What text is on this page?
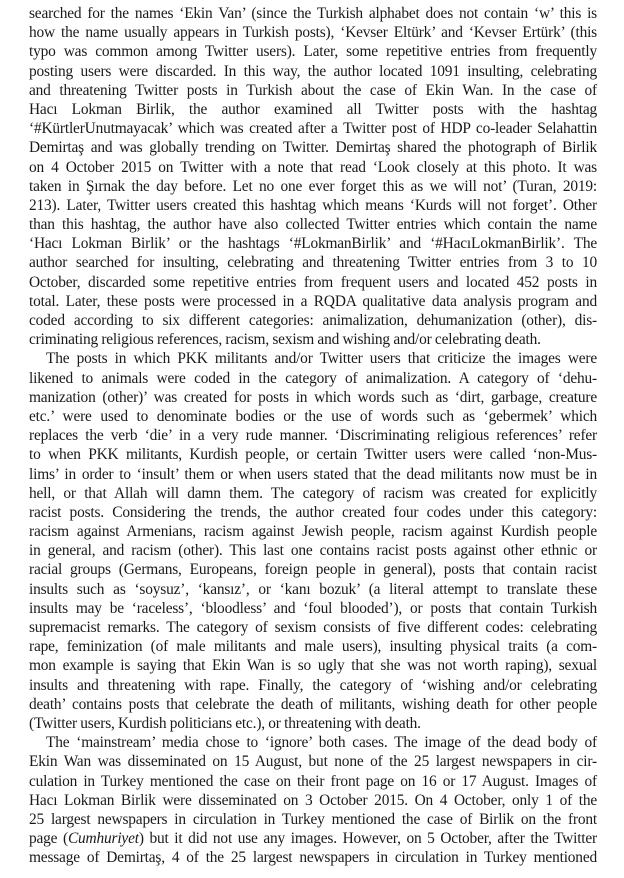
searched for the names ‘Ekin Van’ (since the Turkish alphabet does not contain ‘w’ this is
how the name usually appears in Turkish posts), ‘Kevser Eltürk’ and ‘Kevser Ertürk’ (this
typo was common among Twitter users). Later, some repetitive entries from frequently
posting users were discarded. In this way, the author located 1091 insulting, celebrating
and threatening Twitter posts in Turkish about the case of Ekin Wan. In the case of
Hacı Lokman Birlik, the author examined all Twitter posts with the hashtag
‘#KürtlerUnutmayacak’ which was created after a Twitter post of HDP co-leader Selahattin
Demirtaş and was globally trending on Twitter. Demirtaş shared the photograph of Birlik
on 4 October 2015 on Twitter with a note that read ‘Look closely at this photo. It was
taken in Şırnak the day before. Let no one ever forget this as we will not’ (Turan, 2019:
213). Later, Twitter users created this hashtag which means ‘Kurds will not forget’. Other
than this hashtag, the author have also collected Twitter entries which contain the name
‘Hacı Lokman Birlik’ or the hashtags ‘#LokmanBirlik’ and ‘#HacıLokmanBirlik’. The
author searched for insulting, celebrating and threatening Twitter entries from 3 to 10
October, discarded some repetitive entries from frequent users and located 452 posts in
total. Later, these posts were processed in a RQDA qualitative data analysis program and
coded according to six different categories: animalization, dehumanization (other), dis-
criminating religious references, racism, sexism and wishing and/or celebrating death.
The posts in which PKK militants and/or Twitter users that criticize the images were
likened to animals were coded in the category of animalization. A category of ‘dehu-
manization (other)’ was created for posts in which words such as ‘dirt, garbage, creature
etc.’ were used to denominate bodies or the use of words such as ‘gebermek’ which
replaces the verb ‘die’ in a very rude manner. ‘Discriminating religious references’ refer
to when PKK militants, Kurdish people, or certain Twitter users were called ‘non-Mus-
lims’ in order to ‘insult’ them or when users stated that the dead militants now must be in
hell, or that Allah will damn them. The category of racism was created for explicitly
racist posts. Considering the trends, the author created four codes under this category:
racism against Armenians, racism against Jewish people, racism against Kurdish people
in general, and racism (other). This last one contains racist posts against other ethnic or
racial groups (Germans, Europeans, foreign people in general), posts that contain racist
insults such as ‘soysuz’, ‘kansız’, or ‘kanı bozuk’ (a literal attempt to translate these
insults may be ‘raceless’, ‘bloodless’ and ‘foul blooded’), or posts that contain Turkish
supremacist remarks. The category of sexism consists of five different codes: celebrating
rape, feminization (of male militants and male users), insulting physical traits (a com-
mon example is saying that Ekin Wan is so ugly that she was not worth raping), sexual
insults and threatening with rape. Finally, the category of ‘wishing and/or celebrating
death’ contains posts that celebrate the death of militants, wishing death for other people
(Twitter users, Kurdish politicians etc.), or threatening with death.
The ‘mainstream’ media chose to ‘ignore’ both cases. The image of the dead body of
Ekin Wan was disseminated on 15 August, but none of the 25 largest newspapers in cir-
culation in Turkey mentioned the case on their front page on 16 or 17 August. Images of
Hacı Lokman Birlik were disseminated on 3 October 2015. On 4 October, only 1 of the
25 largest newspapers in circulation in Turkey mentioned the case of Birlik on the front
page (Cumhuriyet) but it did not use any images. However, on 5 October, after the Twitter
message of Demirtaş, 4 of the 25 largest newspapers in circulation in Turkey mentioned
